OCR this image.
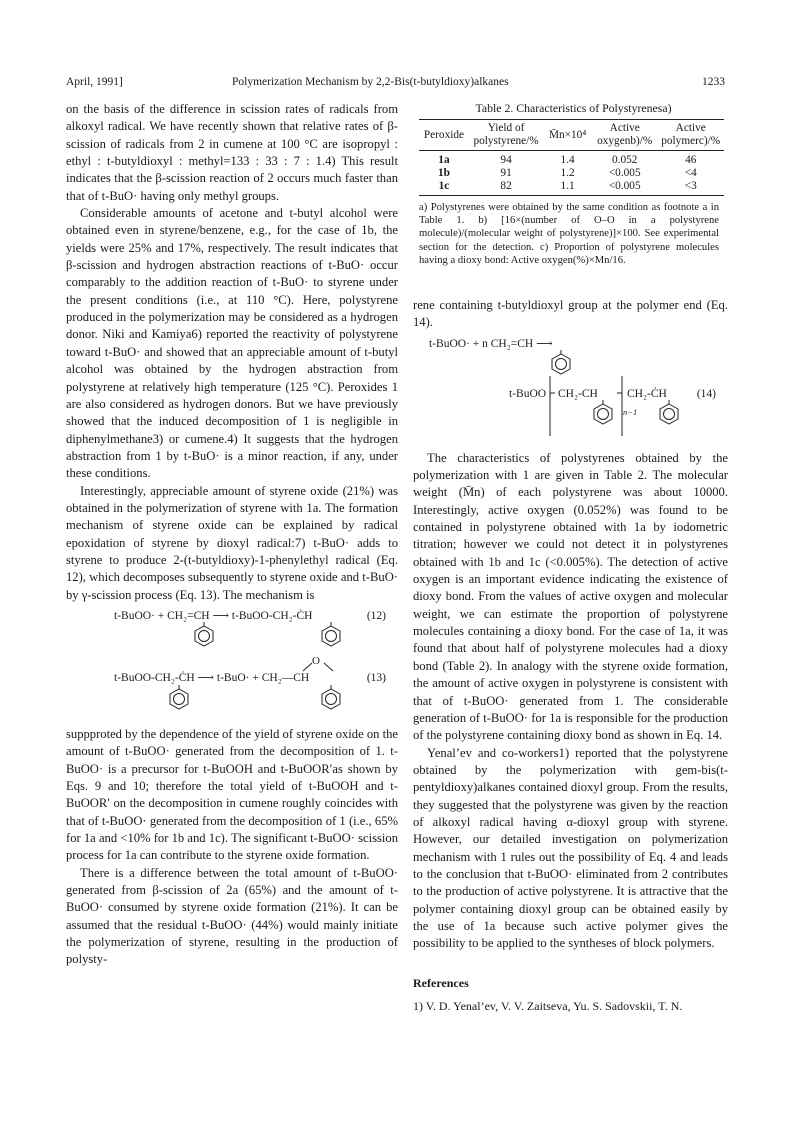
April, 1991]	Polymerization Mechanism by 2,2-Bis(t-butyldioxy)alkanes	1233

on the basis of the difference in scission rates of radicals from alkoxyl radical. We have recently shown that relative rates of β-scission of radicals from 2 in cumene at 100 °C are isopropyl : ethyl : t-butyldioxyl : methyl=133 : 33 : 7 : 1.4) This result indicates that the β-scission reaction of 2 occurs much faster than that of t-BuO· having only methyl groups.

Considerable amounts of acetone and t-butyl alcohol were obtained even in styrene/benzene, e.g., for the case of 1b, the yields were 25% and 17%, respectively. The result indicates that β-scission and hydrogen abstraction reactions of t-BuO· occur comparably to the addition reaction of t-BuO· to styrene under the present conditions (i.e., at 110 °C). Here, polystyrene produced in the polymerization may be considered as a hydrogen donor. Niki and Kamiya6) reported the reactivity of polystyrene toward t-BuO· and showed that an appreciable amount of t-butyl alcohol was obtained by the hydrogen abstraction from polystyrene at relatively high temperature (125 °C). Peroxides 1 are also considered as hydrogen donors. But we have previously showed that the induced decomposition of 1 is negligible in diphenylmethane3) or cumene.4) It suggests that the hydrogen abstraction from 1 by t-BuO· is a minor reaction, if any, under these conditions.

Interestingly, appreciable amount of styrene oxide (21%) was obtained in the polymerization of styrene with 1a. The formation mechanism of styrene oxide can be explained by radical epoxidation of styrene by dioxyl radical:7) t-BuO· adds to styrene to produce 2-(t-butyldioxy)-1-phenylethyl radical (Eq. 12), which decomposes subsequently to styrene oxide and t-BuO· by γ-scission process (Eq. 13). The mechanism is

t-BuOO· + CH₂=CH ⟶ t-BuOO-CH₂-ĊH	(12)
O
t-BuOO-CH₂-ĊH ⟶ t-BuO· + CH₂—CH	(13)

suppproted by the dependence of the yield of styrene oxide on the amount of t-BuOO· generated from the decomposition of 1. t-BuOO· is a precursor for t-BuOOH and t-BuOOR′as shown by Eqs. 9 and 10; therefore the total yield of t-BuOOH and t-BuOOR′ on the decomposition in cumene roughly coincides with that of t-BuOO· generated from the decomposition of 1 (i.e., 65% for 1a and <10% for 1b and 1c). The significant t-BuOO· scission process for 1a can contribute to the styrene oxide formation.

There is a difference between the total amount of t-BuOO· generated from β-scission of 2a (65%) and the amount of t-BuOO· consumed by styrene oxide formation (21%). It can be assumed that the residual t-BuOO· (44%) would mainly initiate the polymerization of styrene, resulting in the production of polysty-

Table 2. Characteristics of Polystyrenesa)
Peroxide	Yield of polystyrene/%	M̄n×10⁴	Active oxygenb)/%	Active polymerc)/%
1a	94	1.4	0.052	46
1b	91	1.2	<0.005	<4
1c	82	1.1	<0.005	<3
a) Polystyrenes were obtained by the same condition as footnote a in Table 1. b) [16×(number of O–O in a polystyrene molecule)/(molecular weight of polystyrene)]×100. See experimental section for the detection. c) Proportion of polystyrene molecules having a dioxy bond: Active oxygen(%)×Mn/16.

rene containing t-butyldioxyl group at the polymer end (Eq. 14).

t-BuOO· + n CH₂=CH ⟶
t-BuOO CH₂-CH
n−1
CH₂-ĊH	(14)

The characteristics of polystyrenes obtained by the polymerization with 1 are given in Table 2. The molecular weight (M̄n) of each polystyrene was about 10000. Interestingly, active oxygen (0.052%) was found to be contained in polystyrene obtained with 1a by iodometric titration; however we could not detect it in polystyrenes obtained with 1b and 1c (<0.005%). The detection of active oxygen is an important evidence indicating the existence of dioxy bond. From the values of active oxygen and molecular weight, we can estimate the proportion of polystyrene molecules containing a dioxy bond. For the case of 1a, it was found that about half of polystyrene molecules had a dioxy bond (Table 2). In analogy with the styrene oxide formation, the amount of active oxygen in polystyrene is consistent with that of t-BuOO· generated from 1. The considerable generation of t-BuOO· for 1a is responsible for the production of the polystyrene containing dioxy bond as shown in Eq. 14.

Yenal’ev and co-workers1) reported that the polystyrene obtained by the polymerization with gem-bis(t-pentyldioxy)alkanes contained dioxyl group. From the results, they suggested that the polystyrene was given by the reaction of alkoxyl radical having α-dioxyl group with styrene. However, our detailed investigation on polymerization mechanism with 1 rules out the possibility of Eq. 4 and leads to the conclusion that t-BuOO· eliminated from 2 contributes to the production of active polystyrene. It is attractive that the polymer containing dioxyl group can be obtained easily by the use of 1a because such active polymer gives the possibility to be applied to the syntheses of block polymers.

References
1) V. D. Yenal’ev, V. V. Zaitseva, Yu. S. Sadovskii, T. N.
